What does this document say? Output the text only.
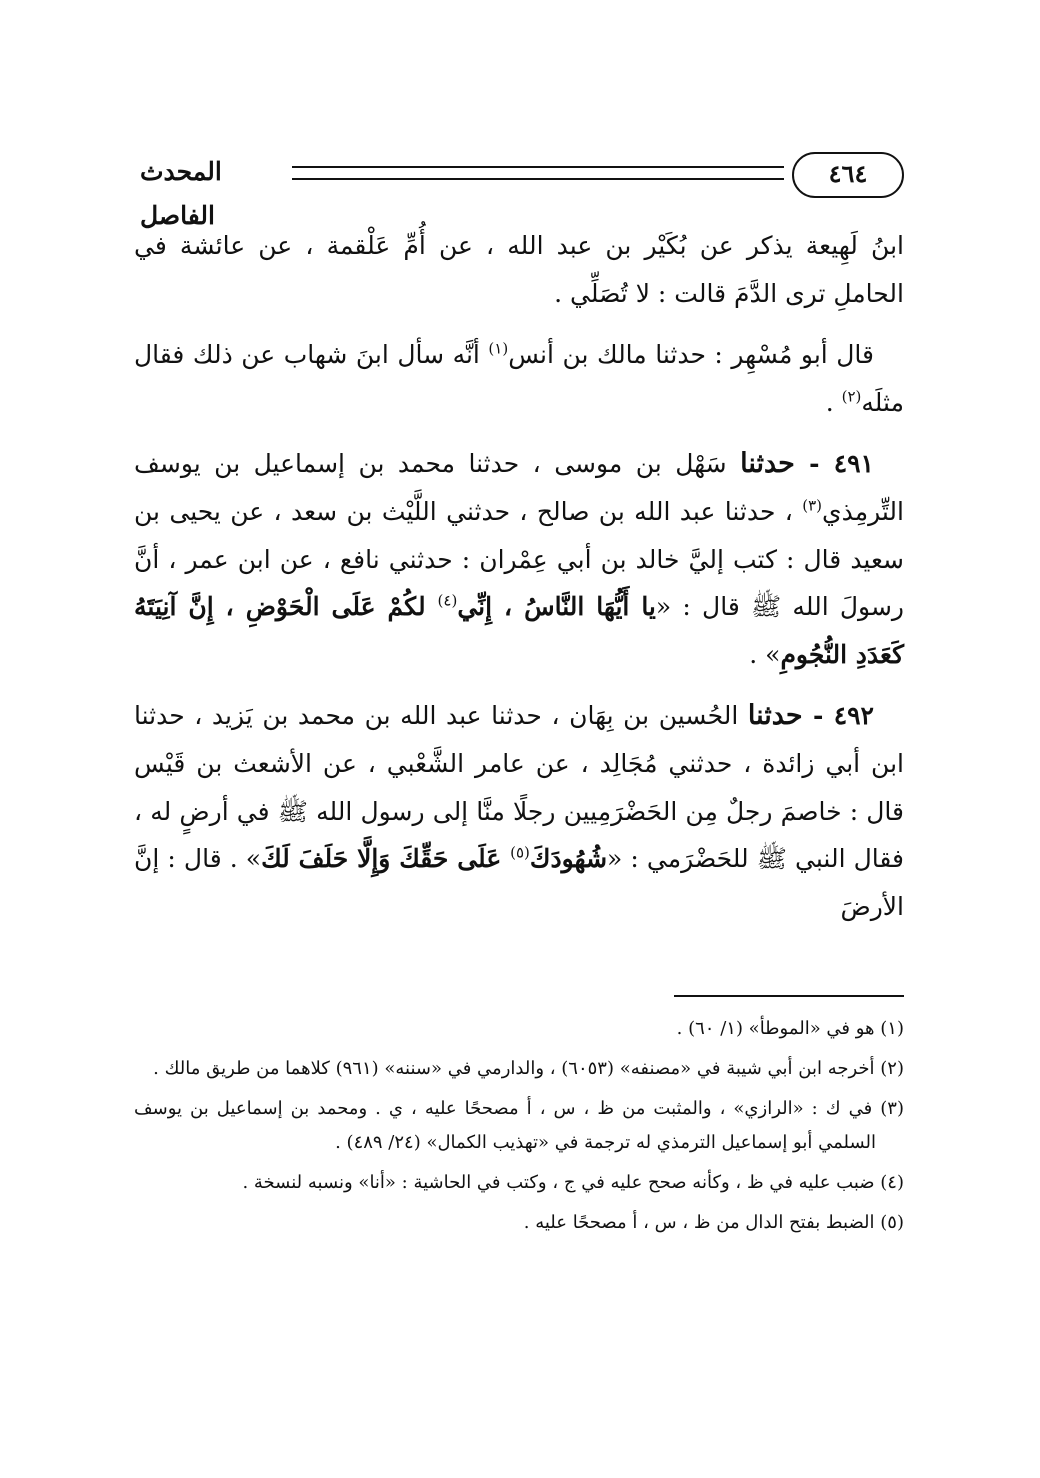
٤٦٤
المحدث الفاصل

ابنُ لَهِيعة يذكر عن بُكَيْر بن عبد الله ، عن أُمِّ عَلْقمة ، عن عائشة في الحاملِ ترى الدَّمَ قالت : لا تُصَلِّي .

قال أبو مُسْهِر : حدثنا مالك بن أنس$^{(١)}$ أنَّه سأل ابنَ شهاب عن ذلك فقال مثلَه$^{(٢)}$ .

٤٩١ - حدثنا سَهْل بن موسى ، حدثنا محمد بن إسماعيل بن يوسف التِّرمِذي$^{(٣)}$ ، حدثنا عبد الله بن صالح ، حدثني اللَّيْث بن سعد ، عن يحيى بن سعيد قال : كتب إليَّ خالد بن أبي عِمْران : حدثني نافع ، عن ابن عمر ، أنَّ رسولَ الله ﷺ قال : «يا أَيُّهَا النَّاسُ ، إِنِّي$^{(٤)}$ لكُمْ عَلَى الْحَوْضِ ، إِنَّ آنِيَتَهُ كَعَدَدِ النُّجُومِ» .

٤٩٢ - حدثنا الحُسين بن بِهَان ، حدثنا عبد الله بن محمد بن يَزيد ، حدثنا ابن أبي زائدة ، حدثني مُجَالِد ، عن عامر الشَّعْبي ، عن الأشعث بن قَيْس قال : خاصمَ رجلٌ مِن الحَضْرَمِيين رجلًا منَّا إلى رسول الله ﷺ في أرضٍ له ، فقال النبي ﷺ للحَضْرَمي : «شُهُودَكَ$^{(٥)}$ عَلَى حَقِّكَ وَإِلَّا حَلَفَ لَكَ» . قال : إنَّ الأرضَ

(١) هو في «الموطأ» (١/ ٦٠) .

(٢) أخرجه ابن أبي شيبة في «مصنفه» (٦٠٥٣) ، والدارمي في «سننه» (٩٦١) كلاهما من طريق مالك .

(٣) في ك : «الرازي» ، والمثبت من ظ ، س ، أ مصححًا عليه ، ي . ومحمد بن إسماعيل بن يوسف السلمي أبو إسماعيل الترمذي له ترجمة في «تهذيب الكمال» (٢٤/ ٤٨٩) .

(٤) ضبب عليه في ظ ، وكأنه صحح عليه في ج ، وكتب في الحاشية : «أنا» ونسبه لنسخة .

(٥) الضبط بفتح الدال من ظ ، س ، أ مصححًا عليه .
